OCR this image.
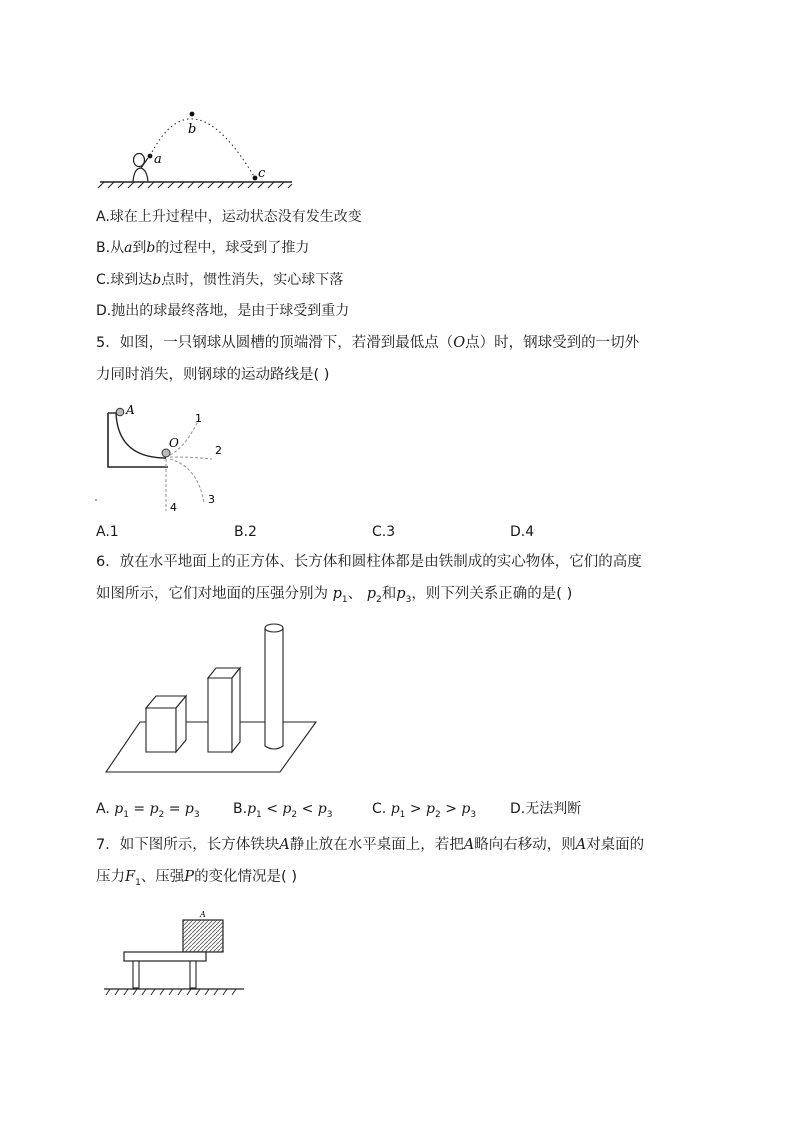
a
b
c
A.球在上升过程中，运动状态没有发生改变
B.从a到b的过程中，球受到了推力
C.球到达b点时，惯性消失，实心球下落
D.抛出的球最终落地，是由于球受到重力
5．如图，一只钢球从圆槽的顶端滑下，若滑到最低点（O点）时，钢球受到的一切外
力同时消失，则钢球的运动路线是( )
A
O
1
2
3
4
A.1	B.2	C.3	D.4
6．放在水平地面上的正方体、长方体和圆柱体都是由铁制成的实心物体，它们的高度
如图所示，它们对地面的压强分别为 $p_1$、 $p_2$和$p_3$，则下列关系正确的是( )
A. $p_1 = p_2 = p_3$ $B.p_1 < p_2 < p_3$	C. $p_1 > p_2 > p_3$ D.无法判断
7．如下图所示，长方体铁块A静止放在水平桌面上，若把A略向右移动，则A对桌面的
压力$F_1$、压强P的变化情况是( )
A
